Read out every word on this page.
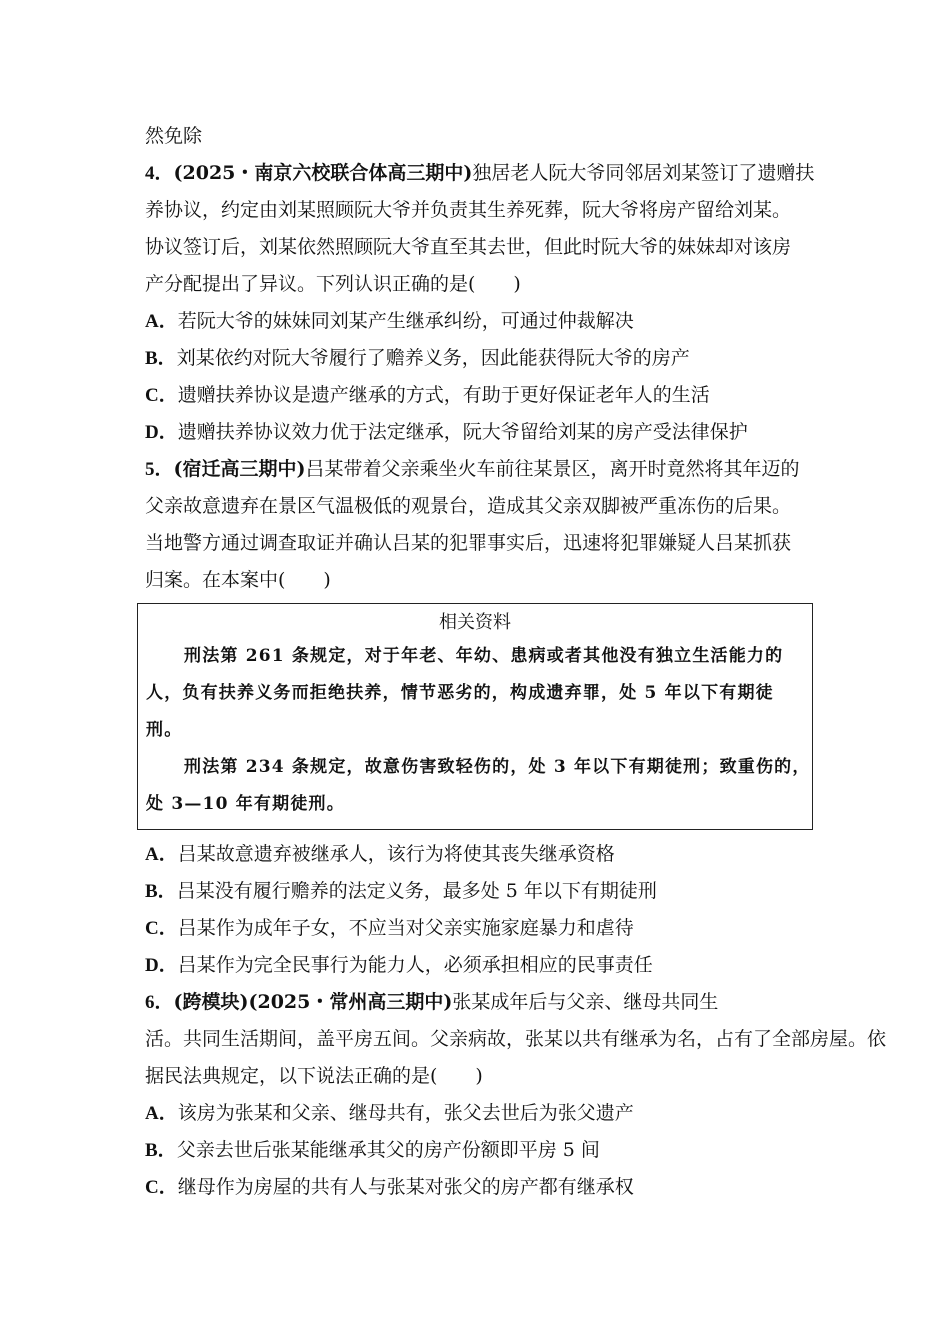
然免除
4．(2025・南京六校联合体高三期中)独居老人阮大爷同邻居刘某签订了遗赠扶
养协议，约定由刘某照顾阮大爷并负责其生养死葬，阮大爷将房产留给刘某。
协议签订后，刘某依然照顾阮大爷直至其去世，但此时阮大爷的妹妹却对该房
产分配提出了异议。下列认识正确的是(　　)
A．若阮大爷的妹妹同刘某产生继承纠纷，可通过仲裁解决
B．刘某依约对阮大爷履行了赡养义务，因此能获得阮大爷的房产
C．遗赠扶养协议是遗产继承的方式，有助于更好保证老年人的生活
D．遗赠扶养协议效力优于法定继承，阮大爷留给刘某的房产受法律保护
5．(宿迁高三期中)吕某带着父亲乘坐火车前往某景区，离开时竟然将其年迈的
父亲故意遗弃在景区气温极低的观景台，造成其父亲双脚被严重冻伤的后果。
当地警方通过调查取证并确认吕某的犯罪事实后，迅速将犯罪嫌疑人吕某抓获
归案。在本案中(　　)
相关资料
刑法第 261 条规定，对于年老、年幼、患病或者其他没有独立生活能力的
人，负有扶养义务而拒绝扶养，情节恶劣的，构成遗弃罪，处 5 年以下有期徒
刑。
刑法第 234 条规定，故意伤害致轻伤的，处 3 年以下有期徒刑；致重伤的，
处 3—10 年有期徒刑。
A．吕某故意遗弃被继承人，该行为将使其丧失继承资格
B．吕某没有履行赡养的法定义务，最多处 5 年以下有期徒刑
C．吕某作为成年子女，不应当对父亲实施家庭暴力和虐待
D．吕某作为完全民事行为能力人，必须承担相应的民事责任
6．(跨模块)(2025・常州高三期中)张某成年后与父亲、继母共同生
活。共同生活期间，盖平房五间。父亲病故，张某以共有继承为名，占有了全部房屋。依
据民法典规定，以下说法正确的是(　　)
A．该房为张某和父亲、继母共有，张父去世后为张父遗产
B．父亲去世后张某能继承其父的房产份额即平房 5 间
C．继母作为房屋的共有人与张某对张父的房产都有继承权
